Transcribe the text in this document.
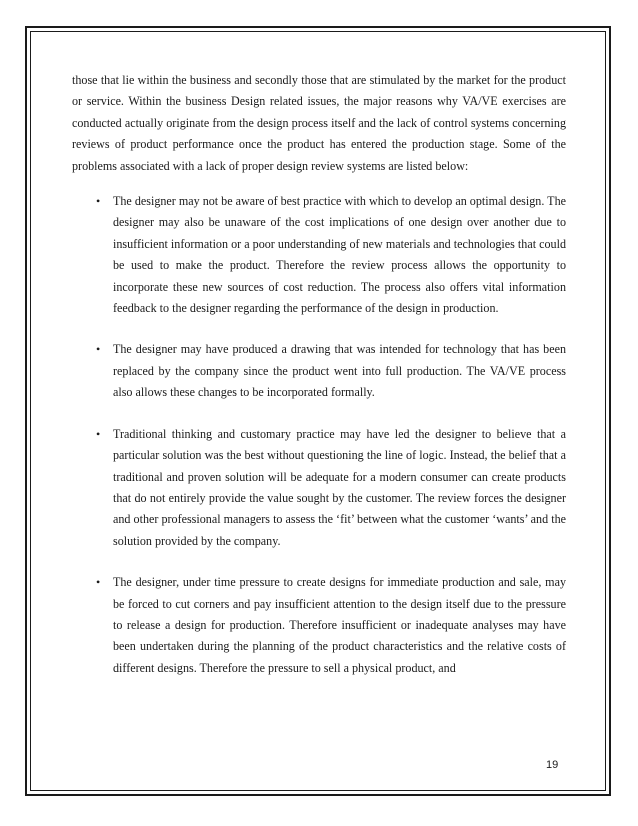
those that lie within the business and secondly those that are stimulated by the market for the product or service. Within the business Design related issues, the major reasons why VA/VE exercises are conducted actually originate from the design process itself and the lack of control systems concerning reviews of product performance once the product has entered the production stage. Some of the problems associated with a lack of proper design review systems are listed below:

• The designer may not be aware of best practice with which to develop an optimal design. The designer may also be unaware of the cost implications of one design over another due to insufficient information or a poor understanding of new materials and technologies that could be used to make the product. Therefore the review process allows the opportunity to incorporate these new sources of cost reduction. The process also offers vital information feedback to the designer regarding the performance of the design in production.
• The designer may have produced a drawing that was intended for technology that has been replaced by the company since the product went into full production. The VA/VE process also allows these changes to be incorporated formally.
• Traditional thinking and customary practice may have led the designer to believe that a particular solution was the best without questioning the line of logic. Instead, the belief that a traditional and proven solution will be adequate for a modern consumer can create products that do not entirely provide the value sought by the customer. The review forces the designer and other professional managers to assess the ‘fit’ between what the customer ‘wants’ and the solution provided by the company.
• The designer, under time pressure to create designs for immediate production and sale, may be forced to cut corners and pay insufficient attention to the design itself due to the pressure to release a design for production. Therefore insufficient or inadequate analyses may have been undertaken during the planning of the product characteristics and the relative costs of different designs. Therefore the pressure to sell a physical product, and
19
